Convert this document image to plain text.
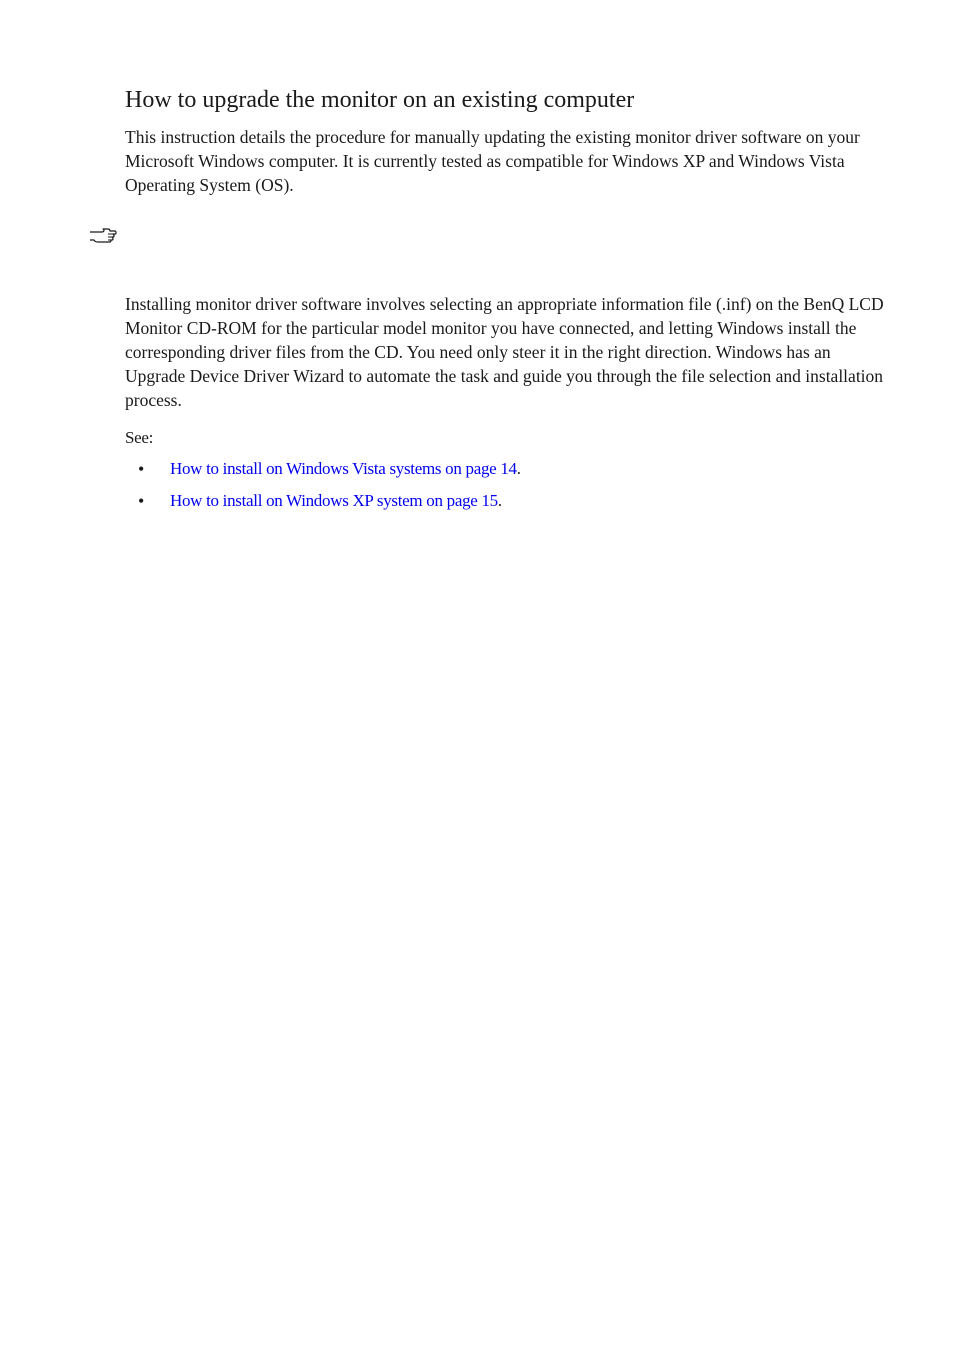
How to upgrade the monitor on an existing computer

This instruction details the procedure for manually updating the existing monitor driver software on your Microsoft Windows computer. It is currently tested as compatible for Windows XP and Windows Vista Operating System (OS).

Installing monitor driver software involves selecting an appropriate information file (.inf) on the BenQ LCD Monitor CD-ROM for the particular model monitor you have connected, and letting Windows install the corresponding driver files from the CD. You need only steer it in the right direction. Windows has an Upgrade Device Driver Wizard to automate the task and guide you through the file selection and installation process.

See:

• How to install on Windows Vista systems on page 14.
• How to install on Windows XP system on page 15.
